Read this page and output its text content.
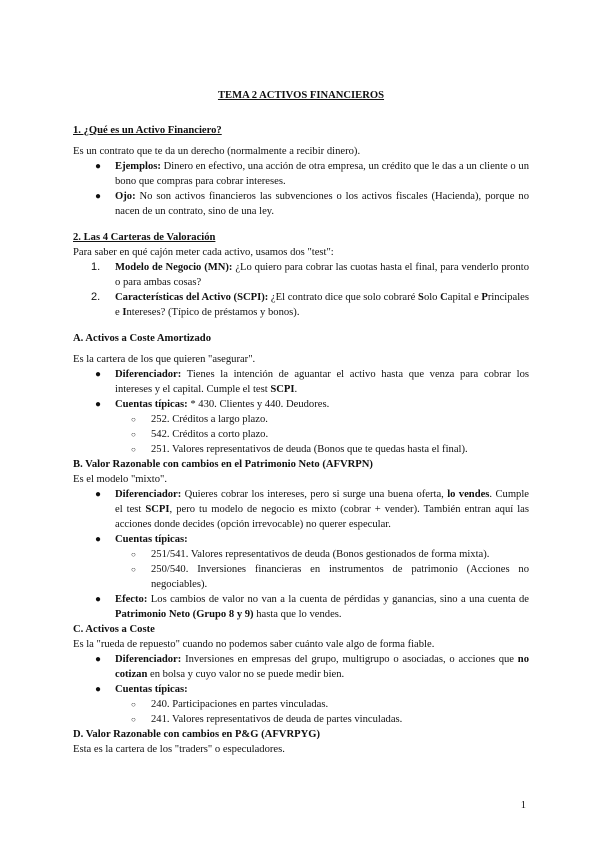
TEMA 2 ACTIVOS FINANCIEROS

1. ¿Qué es un Activo Financiero?

Es un contrato que te da un derecho (normalmente a recibir dinero).

● Ejemplos: Dinero en efectivo, una acción de otra empresa, un crédito que le das a un cliente o un bono que compras para cobrar intereses.
● Ojo: No son activos financieros las subvenciones o los activos fiscales (Hacienda), porque no nacen de un contrato, sino de una ley.

2. Las 4 Carteras de Valoración

Para saber en qué cajón meter cada activo, usamos dos "test":

1. Modelo de Negocio (MN): ¿Lo quiero para cobrar las cuotas hasta el final, para venderlo pronto o para ambas cosas?
2. Características del Activo (SCPI): ¿El contrato dice que solo cobraré Solo Capital e Principales e Intereses? (Típico de préstamos y bonos).

A. Activos a Coste Amortizado

Es la cartera de los que quieren "asegurar".

● Diferenciador: Tienes la intención de aguantar el activo hasta que venza para cobrar los intereses y el capital. Cumple el test SCPI.
● Cuentas típicas: * 430. Clientes y 440. Deudores.
○ 252. Créditos a largo plazo.
○ 542. Créditos a corto plazo.
○ 251. Valores representativos de deuda (Bonos que te quedas hasta el final).

B. Valor Razonable con cambios en el Patrimonio Neto (AFVRPN)

Es el modelo "mixto".

● Diferenciador: Quieres cobrar los intereses, pero si surge una buena oferta, lo vendes. Cumple el test SCPI, pero tu modelo de negocio es mixto (cobrar + vender). También entran aquí las acciones donde decides (opción irrevocable) no querer especular.
● Cuentas típicas:
○ 251/541. Valores representativos de deuda (Bonos gestionados de forma mixta).
○ 250/540. Inversiones financieras en instrumentos de patrimonio (Acciones no negociables).
● Efecto: Los cambios de valor no van a la cuenta de pérdidas y ganancias, sino a una cuenta de Patrimonio Neto (Grupo 8 y 9) hasta que lo vendes.

C. Activos a Coste

Es la "rueda de repuesto" cuando no podemos saber cuánto vale algo de forma fiable.

● Diferenciador: Inversiones en empresas del grupo, multigrupo o asociadas, o acciones que no cotizan en bolsa y cuyo valor no se puede medir bien.
● Cuentas típicas:
○ 240. Participaciones en partes vinculadas.
○ 241. Valores representativos de deuda de partes vinculadas.

D. Valor Razonable con cambios en P&G (AFVRPYG)

Esta es la cartera de los "traders" o especuladores.

1
